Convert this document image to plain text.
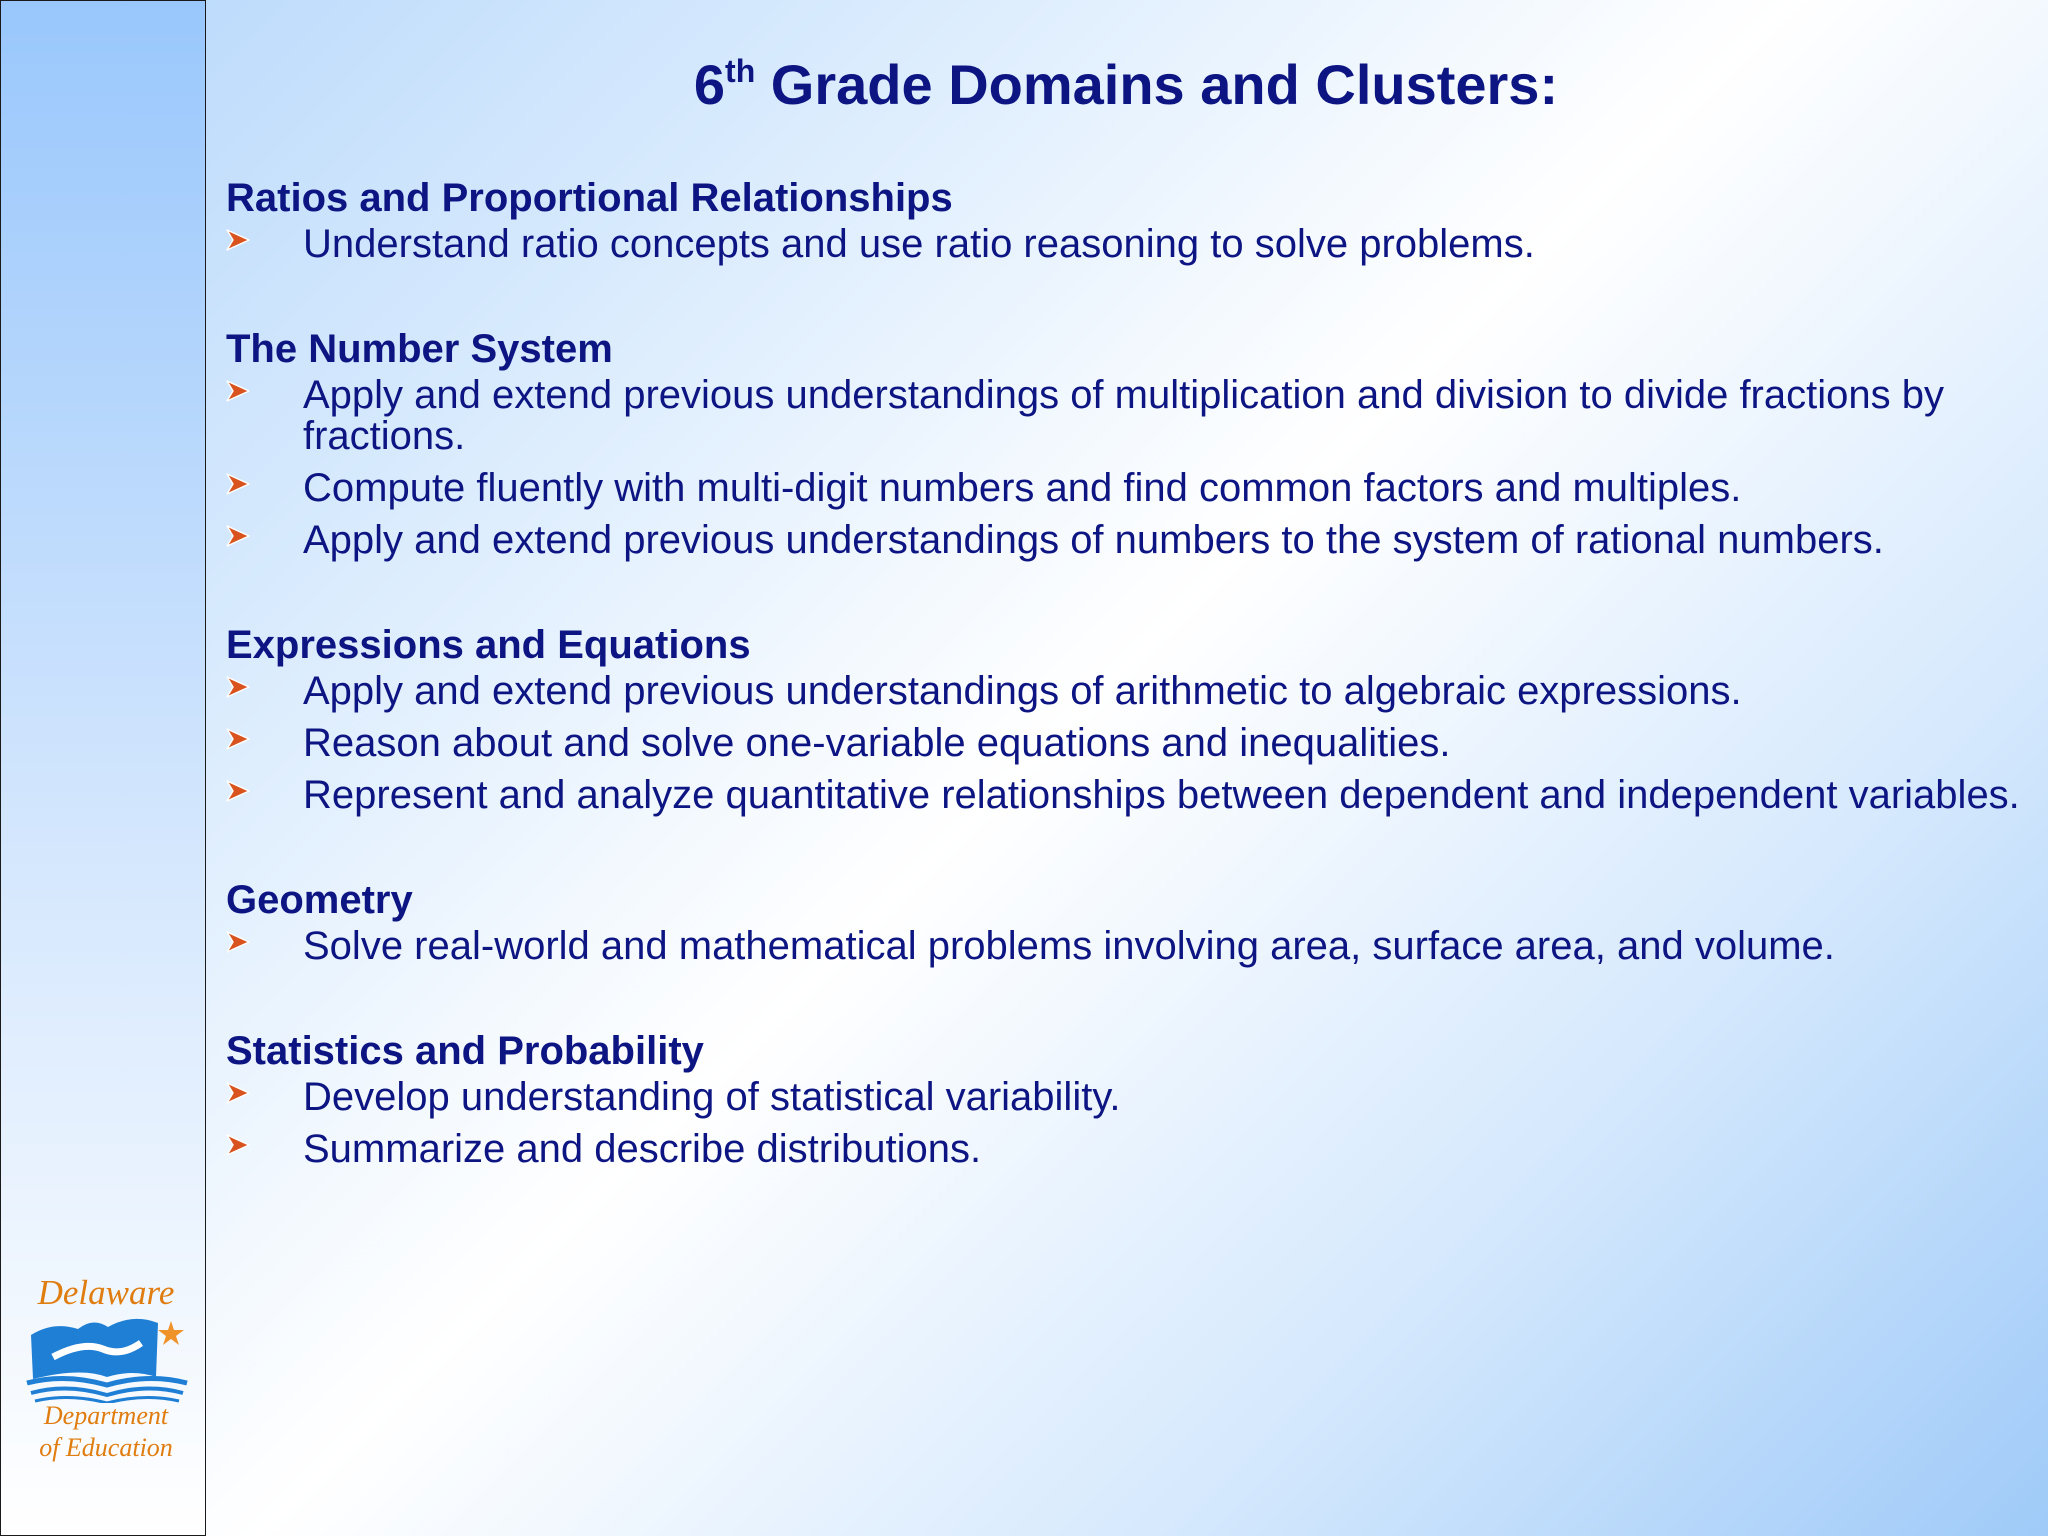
Delaware
Department
of Education
6th Grade Domains and Clusters:
Ratios and Proportional Relationships
Understand ratio concepts and use ratio reasoning to solve problems.
The Number System
Apply and extend previous understandings of multiplication and division to divide fractions by fractions.
Compute fluently with multi-digit numbers and find common factors and multiples.
Apply and extend previous understandings of numbers to the system of rational numbers.
Expressions and Equations
Apply and extend previous understandings of arithmetic to algebraic expressions.
Reason about and solve one-variable equations and inequalities.
Represent and analyze quantitative relationships between dependent and independent variables.
Geometry
Solve real-world and mathematical problems involving area, surface area, and volume.
Statistics and Probability
Develop understanding of statistical variability.
Summarize and describe distributions.
